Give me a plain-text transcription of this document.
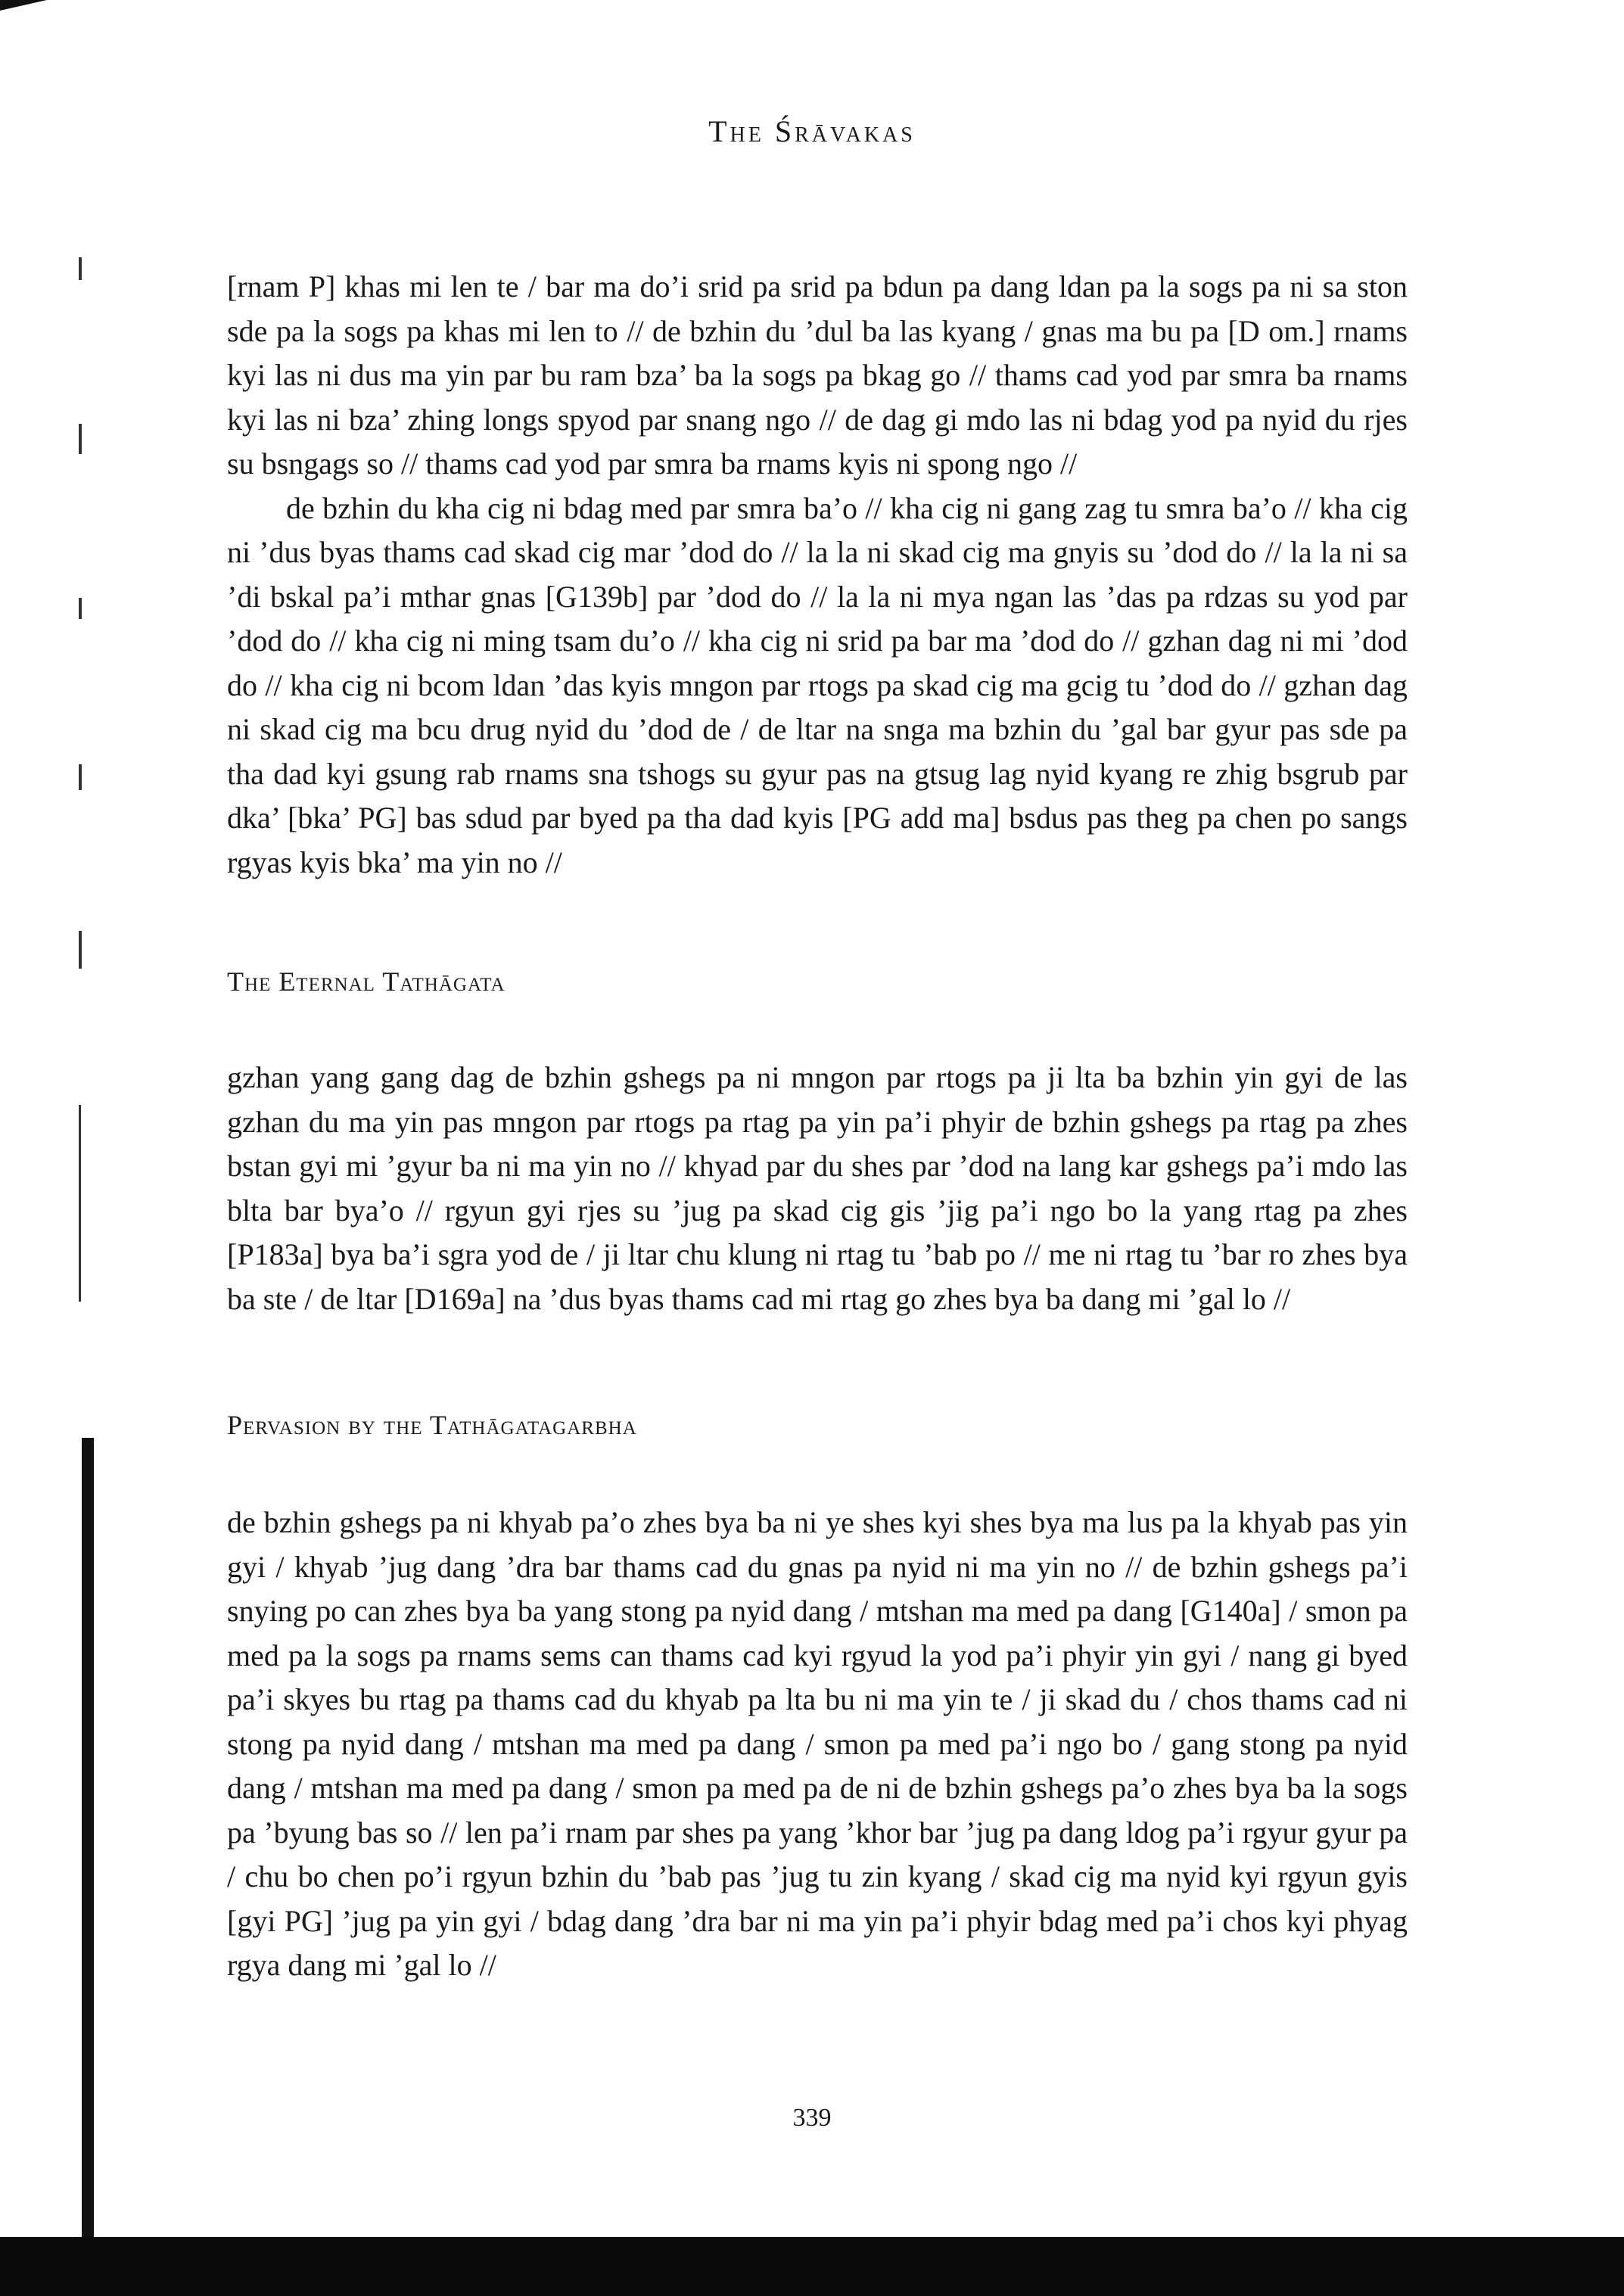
The Śrāvakas

[rnam P] khas mi len te / bar ma do’i srid pa srid pa bdun pa dang ldan pa la sogs pa ni sa ston sde pa la sogs pa khas mi len to // de bzhin du ’dul ba las kyang / gnas ma bu pa [D om.] rnams kyi las ni dus ma yin par bu ram bza’ ba la sogs pa bkag go // thams cad yod par smra ba rnams kyi las ni bza’ zhing longs spyod par snang ngo // de dag gi mdo las ni bdag yod pa nyid du rjes su bsngags so // thams cad yod par smra ba rnams kyis ni spong ngo //

de bzhin du kha cig ni bdag med par smra ba’o // kha cig ni gang zag tu smra ba’o // kha cig ni ’dus byas thams cad skad cig mar ’dod do // la la ni skad cig ma gnyis su ’dod do // la la ni sa ’di bskal pa’i mthar gnas [G139b] par ’dod do // la la ni mya ngan las ’das pa rdzas su yod par ’dod do // kha cig ni ming tsam du’o // kha cig ni srid pa bar ma ’dod do // gzhan dag ni mi ’dod do // kha cig ni bcom ldan ’das kyis mngon par rtogs pa skad cig ma gcig tu ’dod do // gzhan dag ni skad cig ma bcu drug nyid du ’dod de / de ltar na snga ma bzhin du ’gal bar gyur pas sde pa tha dad kyi gsung rab rnams sna tshogs su gyur pas na gtsug lag nyid kyang re zhig bsgrub par dka’ [bka’ PG] bas sdud par byed pa tha dad kyis [PG add ma] bsdus pas theg pa chen po sangs rgyas kyis bka’ ma yin no //

The Eternal Tathāgata

gzhan yang gang dag de bzhin gshegs pa ni mngon par rtogs pa ji lta ba bzhin yin gyi de las gzhan du ma yin pas mngon par rtogs pa rtag pa yin pa’i phyir de bzhin gshegs pa rtag pa zhes bstan gyi mi ’gyur ba ni ma yin no // khyad par du shes par ’dod na lang kar gshegs pa’i mdo las blta bar bya’o // rgyun gyi rjes su ’jug pa skad cig gis ’jig pa’i ngo bo la yang rtag pa zhes [P183a] bya ba’i sgra yod de / ji ltar chu klung ni rtag tu ’bab po // me ni rtag tu ’bar ro zhes bya ba ste / de ltar [D169a] na ’dus byas thams cad mi rtag go zhes bya ba dang mi ’gal lo //

Pervasion by the Tathāgatagarbha

de bzhin gshegs pa ni khyab pa’o zhes bya ba ni ye shes kyi shes bya ma lus pa la khyab pas yin gyi / khyab ’jug dang ’dra bar thams cad du gnas pa nyid ni ma yin no // de bzhin gshegs pa’i snying po can zhes bya ba yang stong pa nyid dang / mtshan ma med pa dang [G140a] / smon pa med pa la sogs pa rnams sems can thams cad kyi rgyud la yod pa’i phyir yin gyi / nang gi byed pa’i skyes bu rtag pa thams cad du khyab pa lta bu ni ma yin te / ji skad du / chos thams cad ni stong pa nyid dang / mtshan ma med pa dang / smon pa med pa’i ngo bo / gang stong pa nyid dang / mtshan ma med pa dang / smon pa med pa de ni de bzhin gshegs pa’o zhes bya ba la sogs pa ’byung bas so // len pa’i rnam par shes pa yang ’khor bar ’jug pa dang ldog pa’i rgyur gyur pa / chu bo chen po’i rgyun bzhin du ’bab pas ’jug tu zin kyang / skad cig ma nyid kyi rgyun gyis [gyi PG] ’jug pa yin gyi / bdag dang ’dra bar ni ma yin pa’i phyir bdag med pa’i chos kyi phyag rgya dang mi ’gal lo //

339
